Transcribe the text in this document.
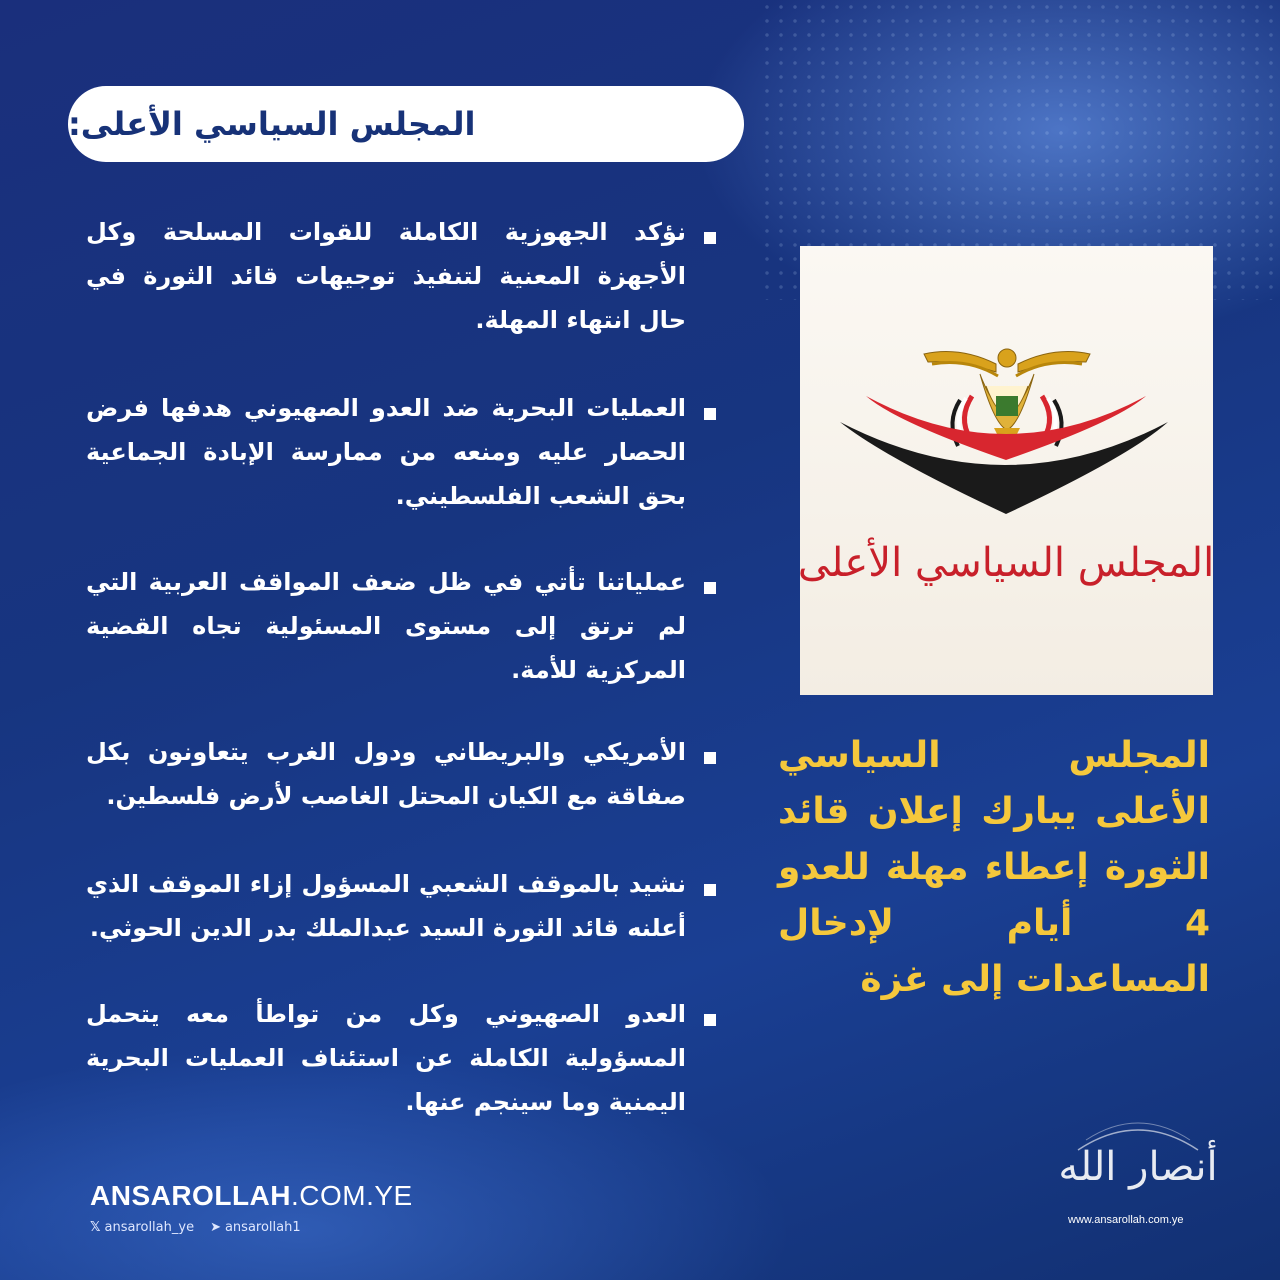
المجلس السياسي الأعلى:
نؤكد الجهوزية الكاملة للقوات المسلحة وكل الأجهزة المعنية لتنفيذ توجيهات قائد الثورة في حال انتهاء المهلة.
العمليات البحرية ضد العدو الصهيوني هدفها فرض الحصار عليه ومنعه من ممارسة الإبادة الجماعية بحق الشعب الفلسطيني.
عملياتنا تأتي في ظل ضعف المواقف العربية التي لم ترتق إلى مستوى المسئولية تجاه القضية المركزية للأمة.
الأمريكي والبريطاني ودول الغرب يتعاونون بكل صفاقة مع الكيان المحتل الغاصب لأرض فلسطين.
نشيد بالموقف الشعبي المسؤول إزاء الموقف الذي أعلنه قائد الثورة السيد عبدالملك بدر الدين الحوثي.
العدو الصهيوني وكل من تواطأ معه يتحمل المسؤولية الكاملة عن استئناف العمليات البحرية اليمنية وما سينجم عنها.
المجلس السياسي الأعلى
المجلس السياسي الأعلى يبارك إعلان قائد الثورة إعطاء مهلة للعدو 4 أيام لإدخال المساعدات إلى غزة
ANSAROLLAH.COM.YE
𝕏 ansarollah_ye ➤ ansarollah1
أنصار الله
www.ansarollah.com.ye
